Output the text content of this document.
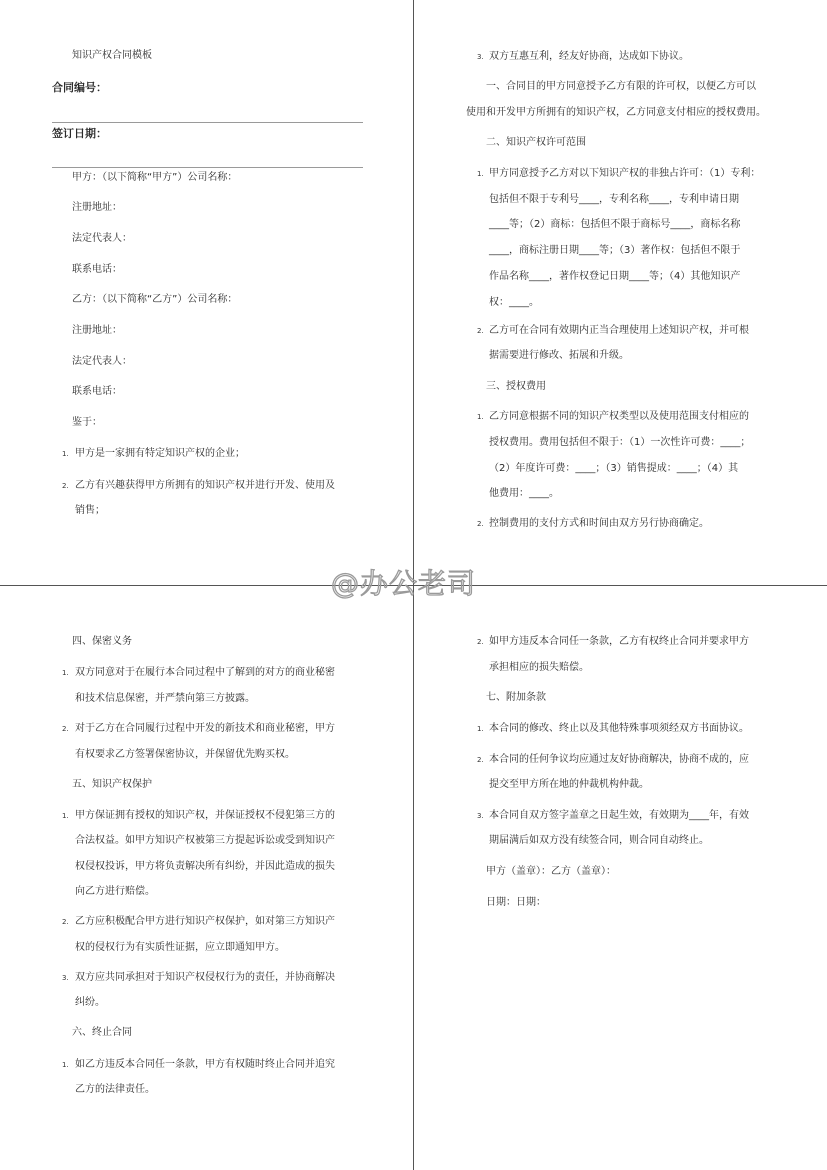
知识产权合同模板
合同编号：
签订日期：
甲方：（以下简称“甲方”）公司名称：
注册地址：
法定代表人：
联系电话：
乙方：（以下简称“乙方”）公司名称：
注册地址：
法定代表人：
联系电话：
鉴于：
1. 甲方是一家拥有特定知识产权的企业；
2. 乙方有兴趣获得甲方所拥有的知识产权并进行开发、使用及
销售；
3. 双方互惠互利，经友好协商，达成如下协议。
一、合同目的甲方同意授予乙方有限的许可权，以便乙方可以
使用和开发甲方所拥有的知识产权，乙方同意支付相应的授权费用。
二、知识产权许可范围
1. 甲方同意授予乙方对以下知识产权的非独占许可：（1）专利：
包括但不限于专利号____，专利名称____，专利申请日期
____等；（2）商标：包括但不限于商标号____，商标名称
____，商标注册日期____等；（3）著作权：包括但不限于
作品名称____，著作权登记日期____等；（4）其他知识产
权：____。
2. 乙方可在合同有效期内正当合理使用上述知识产权，并可根
据需要进行修改、拓展和升级。
三、授权费用
1. 乙方同意根据不同的知识产权类型以及使用范围支付相应的
授权费用。费用包括但不限于：（1）一次性许可费：____；
（2）年度许可费：____；（3）销售提成：____；（4）其
他费用：____。
2. 控制费用的支付方式和时间由双方另行协商确定。
四、保密义务
1. 双方同意对于在履行本合同过程中了解到的对方的商业秘密
和技术信息保密，并严禁向第三方披露。
2. 对于乙方在合同履行过程中开发的新技术和商业秘密，甲方
有权要求乙方签署保密协议，并保留优先购买权。
五、知识产权保护
1. 甲方保证拥有授权的知识产权，并保证授权不侵犯第三方的
合法权益。如甲方知识产权被第三方提起诉讼或受到知识产
权侵权投诉，甲方将负责解决所有纠纷，并因此造成的损失
向乙方进行赔偿。
2. 乙方应积极配合甲方进行知识产权保护，如对第三方知识产
权的侵权行为有实质性证据，应立即通知甲方。
3. 双方应共同承担对于知识产权侵权行为的责任，并协商解决
纠纷。
六、终止合同
1. 如乙方违反本合同任一条款，甲方有权随时终止合同并追究
乙方的法律责任。
2. 如甲方违反本合同任一条款，乙方有权终止合同并要求甲方
承担相应的损失赔偿。
七、附加条款
1. 本合同的修改、终止以及其他特殊事项须经双方书面协议。
2. 本合同的任何争议均应通过友好协商解决，协商不成的，应
提交至甲方所在地的仲裁机构仲裁。
3. 本合同自双方签字盖章之日起生效，有效期为____年，有效
期届满后如双方没有续签合同，则合同自动终止。
甲方（盖章）：乙方（盖章）：
日期：日期：
@办公老司
